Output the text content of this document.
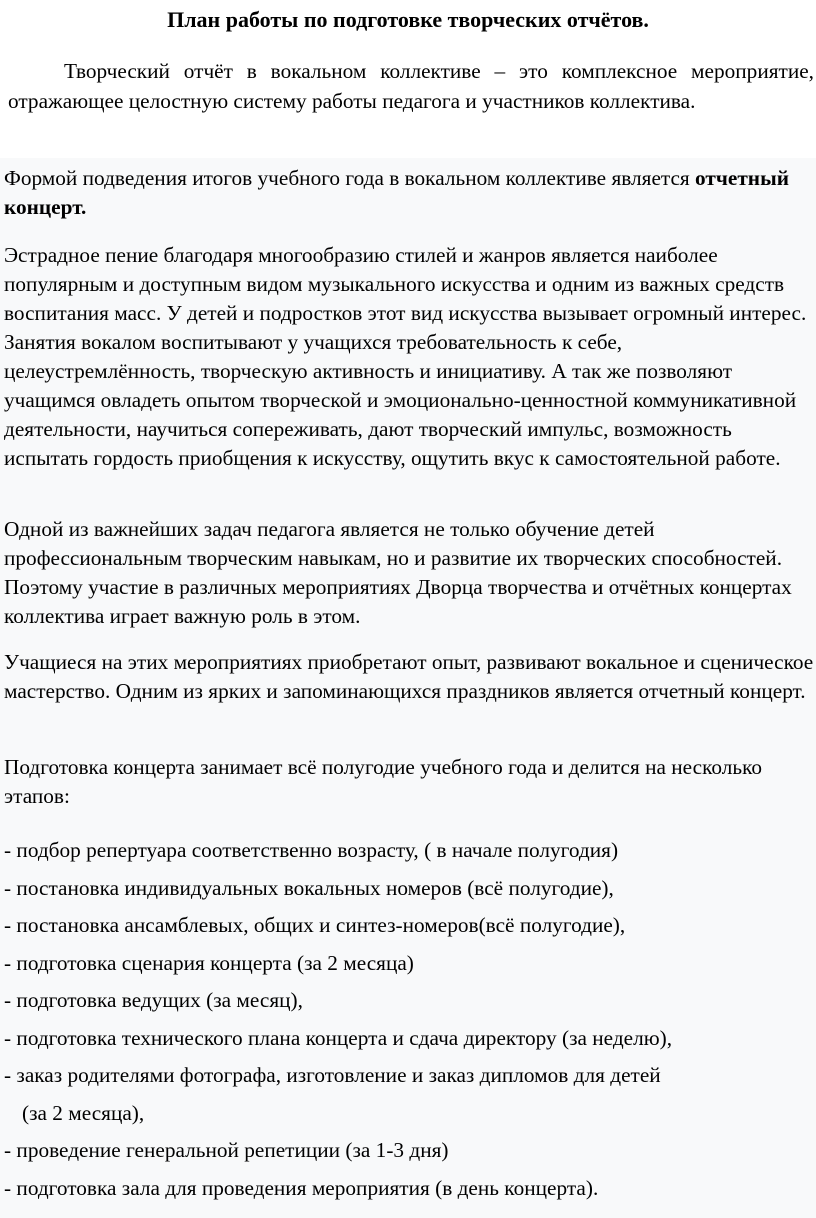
План работы по подготовке творческих отчётов.

Творческий отчёт в вокальном коллективе – это комплексное мероприятие, отражающее целостную систему работы педагога и участников коллектива.

Формой подведения итогов учебного года в вокальном коллективе является отчетный концерт.

Эстрадное пение благодаря многообразию стилей и жанров является наиболее популярным и доступным видом музыкального искусства и одним из важных средств воспитания масс. У детей и подростков этот вид искусства вызывает огромный интерес. Занятия вокалом воспитывают у учащихся требовательность к себе, целеустремлённость, творческую активность и инициативу. А так же позволяют учащимся овладеть опытом творческой и эмоционально-ценностной коммуникативной деятельности, научиться сопереживать, дают творческий импульс, возможность испытать гордость приобщения к искусству, ощутить вкус к самостоятельной работе.

Одной из важнейших задач педагога является не только обучение детей профессиональным творческим навыкам, но и развитие их творческих способностей. Поэтому участие в различных мероприятиях Дворца творчества и отчётных концертах коллектива играет важную роль в этом.

Учащиеся на этих мероприятиях приобретают опыт, развивают вокальное и сценическое мастерство. Одним из ярких и запоминающихся праздников является отчетный концерт.

Подготовка концерта занимает всё полугодие учебного года и делится на несколько этапов:

- подбор репертуара соответственно возрасту, ( в начале полугодия)
- постановка индивидуальных вокальных номеров (всё полугодие),
- постановка ансамблевых, общих и синтез-номеров(всё полугодие),
- подготовка сценария концерта (за 2 месяца)
- подготовка ведущих (за месяц),
- подготовка технического плана концерта и сдача директору (за неделю),
- заказ родителями фотографа, изготовление и заказ дипломов для детей
(за 2 месяца),
- проведение генеральной репетиции (за 1-3 дня)
- подготовка зала для проведения мероприятия (в день концерта).
